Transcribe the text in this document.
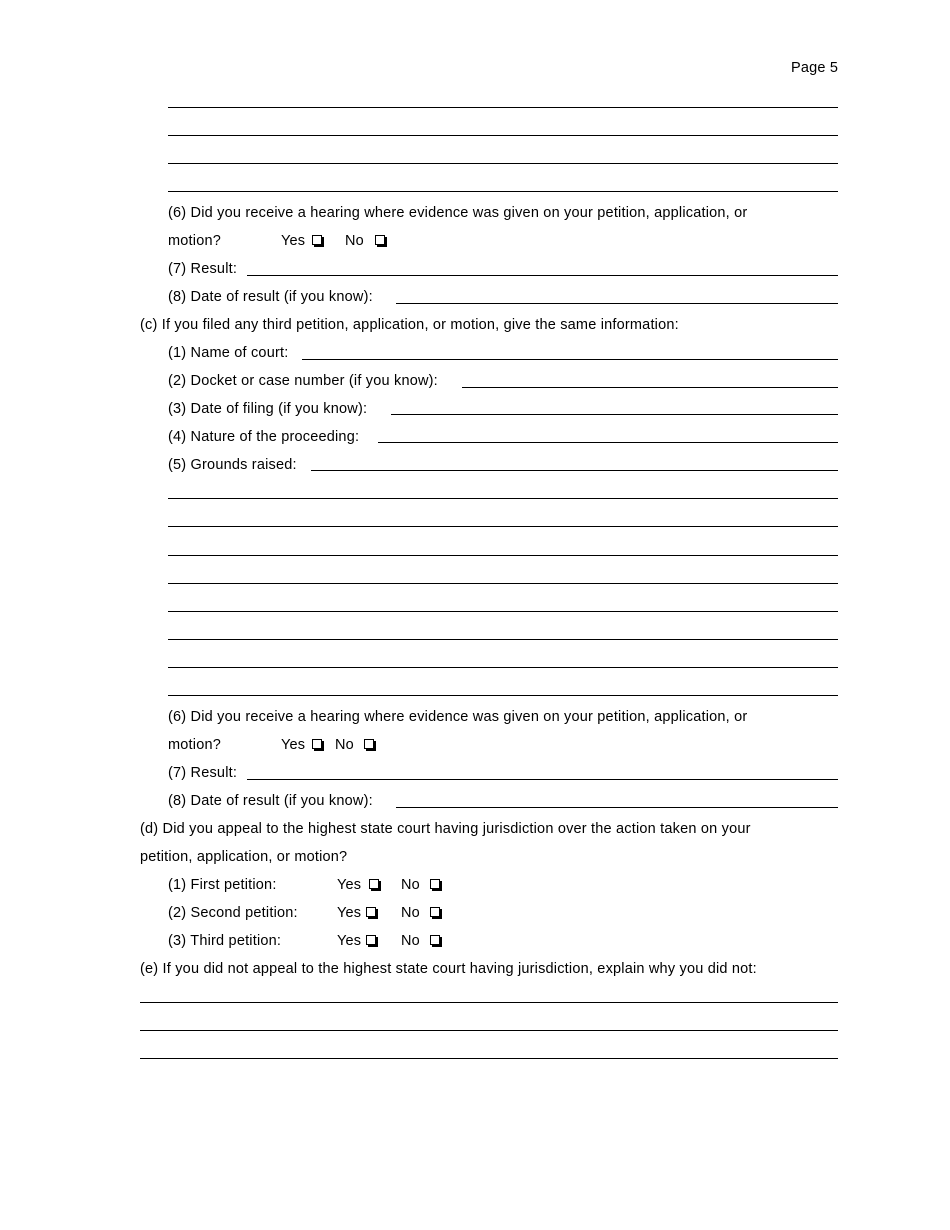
Page 5
(6) Did you receive a hearing where evidence was given on your petition, application, or
motion?	Yes	No
(7) Result:
(8) Date of result (if you know):
(c) If you filed any third petition, application, or motion, give the same information:
(1) Name of court:
(2) Docket or case number (if you know):
(3) Date of filing (if you know):
(4) Nature of the proceeding:
(5) Grounds raised:
(6) Did you receive a hearing where evidence was given on your petition, application, or
motion?	Yes No
(7) Result:
(8) Date of result (if you know):
(d) Did you appeal to the highest state court having jurisdiction over the action taken on your
petition, application, or motion?
(1) First petition:	Yes	No
(2) Second petition:	Yes	No
(3) Third petition:	Yes	No
(e) If you did not appeal to the highest state court having jurisdiction, explain why you did not:
